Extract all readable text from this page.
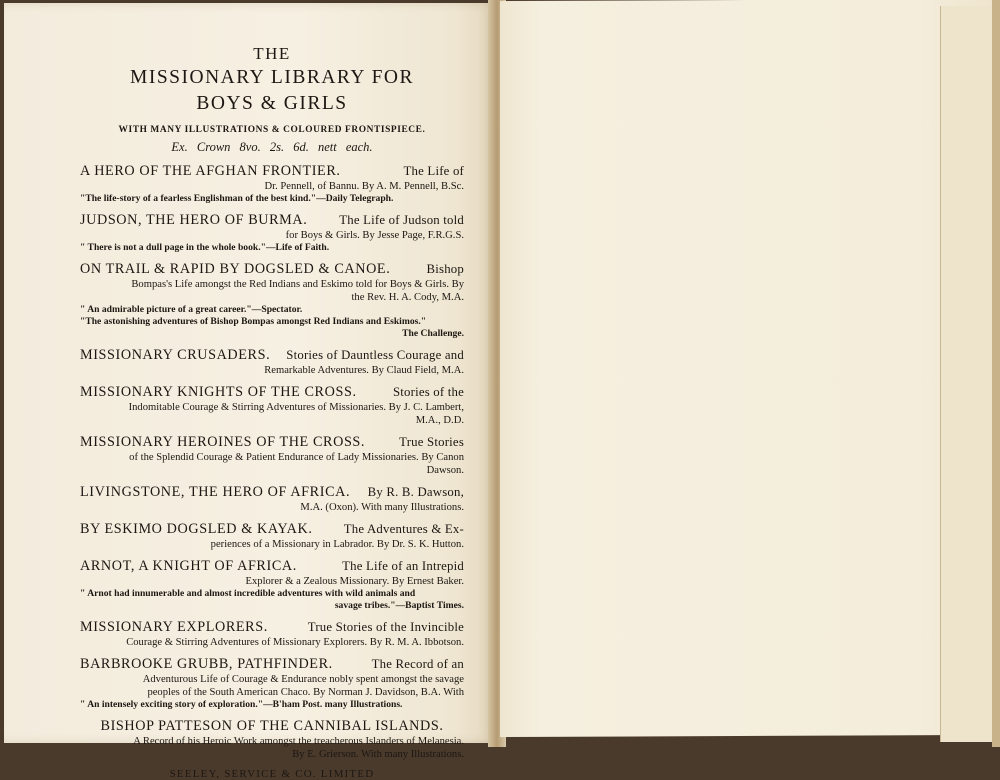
THE
MISSIONARY LIBRARY FOR
BOYS & GIRLS
WITH MANY ILLUSTRATIONS & COLOURED FRONTISPIECE.
Ex. Crown 8vo. 2s. 6d. nett each.
A HERO OF THE AFGHAN FRONTIER.	The Life of
Dr. Pennell, of Bannu. By A. M. Pennell, B.Sc.
"The life-story of a fearless Englishman of the best kind."—Daily Telegraph.
JUDSON, THE HERO OF BURMA. The Life of Judson told
for Boys & Girls. By Jesse Page, F.R.G.S.
" There is not a dull page in the whole book."—Life of Faith.
ON TRAIL & RAPID BY DOGSLED & CANOE.	Bishop
Bompas's Life amongst the Red Indians and Eskimo told for Boys & Girls. By
the Rev. H. A. Cody, M.A.
" An admirable picture of a great career."—Spectator.
"The astonishing adventures of Bishop Bompas amongst Red Indians and Eskimos."
The Challenge.
MISSIONARY CRUSADERS. Stories of Dauntless Courage and
Remarkable Adventures. By Claud Field, M.A.
MISSIONARY KNIGHTS OF THE CROSS.	Stories of the
Indomitable Courage & Stirring Adventures of Missionaries. By J. C. Lambert,
M.A., D.D.
MISSIONARY HEROINES OF THE CROSS.	True Stories
of the Splendid Courage & Patient Endurance of Lady Missionaries. By Canon
Dawson.
LIVINGSTONE, THE HERO OF AFRICA. By R. B. Dawson,
M.A. (Oxon). With many Illustrations.
BY ESKIMO DOGSLED & KAYAK. The Adventures & Ex-
periences of a Missionary in Labrador. By Dr. S. K. Hutton.
ARNOT, A KNIGHT OF AFRICA.	The Life of an Intrepid
Explorer & a Zealous Missionary. By Ernest Baker.
" Arnot had innumerable and almost incredible adventures with wild animals and
savage tribes."—Baptist Times.
MISSIONARY EXPLORERS.	True Stories of the Invincible
Courage & Stirring Adventures of Missionary Explorers. By R. M. A. Ibbotson.
BARBROOKE GRUBB, PATHFINDER.	The Record of an
Adventurous Life of Courage & Endurance nobly spent amongst the savage
peoples of the South American Chaco. By Norman J. Davidson, B.A. With
" An intensely exciting story of exploration."—B'ham Post. many Illustrations.
BISHOP PATTESON OF THE CANNIBAL ISLANDS.
A Record of his Heroic Work amongst the treacherous Islanders of Melanesia.
By E. Grierson. With many Illustrations.
SEELEY, SERVICE & CO. LIMITED
